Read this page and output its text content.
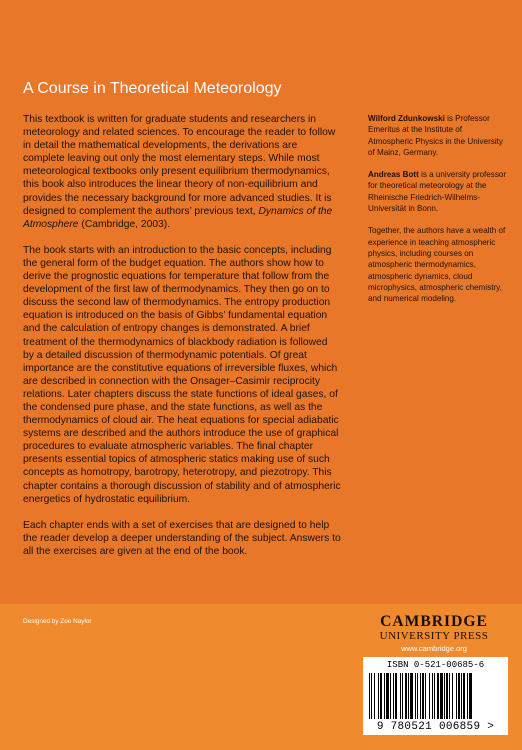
A Course in Theoretical Meteorology

This textbook is written for graduate students and researchers in meteorology and related sciences. To encourage the reader to follow in detail the mathematical developments, the derivations are complete leaving out only the most elementary steps. While most meteorological textbooks only present equilibrium thermodynamics, this book also introduces the linear theory of non-equilibrium and provides the necessary background for more advanced studies. It is designed to complement the authors’ previous text, Dynamics of the Atmosphere (Cambridge, 2003).

The book starts with an introduction to the basic concepts, including the general form of the budget equation. The authors show how to derive the prognostic equations for temperature that follow from the development of the first law of thermodynamics. They then go on to discuss the second law of thermodynamics. The entropy production equation is introduced on the basis of Gibbs’ fundamental equation and the calculation of entropy changes is demonstrated. A brief treatment of the thermodynamics of blackbody radiation is followed by a detailed discussion of thermodynamic potentials. Of great importance are the constitutive equations of irreversible fluxes, which are described in connection with the Onsager–Casimir reciprocity relations. Later chapters discuss the state functions of ideal gases, of the condensed pure phase, and the state functions, as well as the thermodynamics of cloud air. The heat equations for special adiabatic systems are described and the authors introduce the use of graphical procedures to evaluate atmospheric variables. The final chapter presents essential topics of atmospheric statics making use of such concepts as homotropy, barotropy, heterotropy, and piezotropy. This chapter contains a thorough discussion of stability and of atmospheric energetics of hydrostatic equilibrium.

Each chapter ends with a set of exercises that are designed to help the reader develop a deeper understanding of the subject. Answers to all the exercises are given at the end of the book.

Wilford Zdunkowski is Professor Emeritus at the Institute of Atmospheric Physics in the University of Mainz, Germany.

Andreas Bott is a university professor for theoretical meteorology at the Rheinische Friedrich-Wilhelms-Universität in Bonn.

Together, the authors have a wealth of experience in teaching atmospheric physics, including courses on atmospheric thermodynamics, atmospheric dynamics, cloud microphysics, atmospheric chemistry, and numerical modeling.

Designed by Zoe Naylor	CAMBRIDGE
UNIVERSITY PRESS
www.cambridge.org
ISBN 0-521-00685-6
9 780521 006859 >
